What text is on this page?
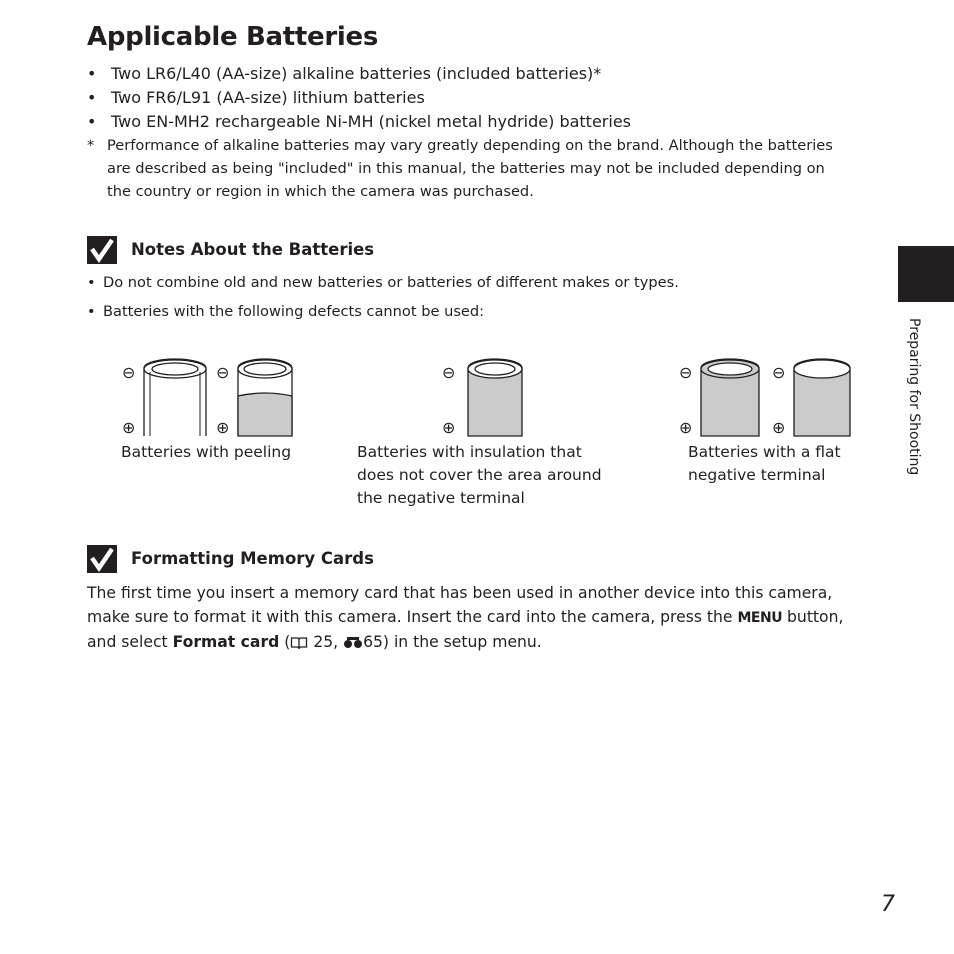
Applicable Batteries
• Two LR6/L40 (AA-size) alkaline batteries (included batteries)*
• Two FR6/L91 (AA-size) lithium batteries
• Two EN-MH2 rechargeable Ni-MH (nickel metal hydride) batteries
* Performance of alkaline batteries may vary greatly depending on the brand. Although the batteries are described as being "included" in this manual, the batteries may not be included depending on the country or region in which the camera was purchased.
Notes About the Batteries
• Do not combine old and new batteries or batteries of different makes or types.
• Batteries with the following defects cannot be used:
⊖
⊕
⊖
⊕
⊖
⊕
⊖
⊕
⊖
⊕
Batteries with peeling	Batteries with insulation that
does not cover the area around
the negative terminal
Batteries with a flat
negative terminal
Formatting Memory Cards

The first time you insert a memory card that has been used in another device into this camera, make sure to format it with this camera. Insert the card into the camera, press the MENU button, and select Format card ( 25, 65) in the setup menu.

Preparing for Shooting
7
